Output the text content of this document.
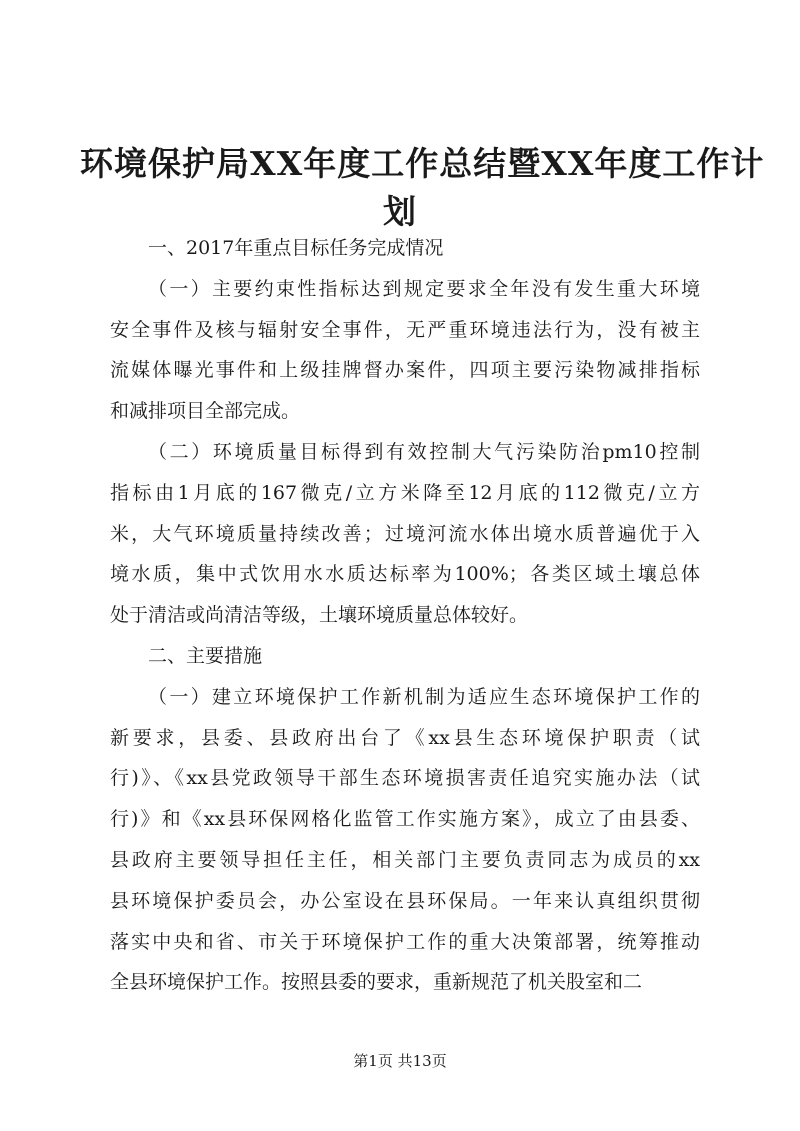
环境保护局XX年度工作总结暨XX年度工作计
划

一、2017年重点目标任务完成情况

（一）主要约束性指标达到规定要求全年没有发生重大环境
安全事件及核与辐射安全事件，无严重环境违法行为，没有被主
流媒体曝光事件和上级挂牌督办案件，四项主要污染物减排指标
和减排项目全部完成。

（二）环境质量目标得到有效控制大气污染防治pm10控制
指标由1月底的167微克/立方米降至12月底的112微克/立方
米，大气环境质量持续改善；过境河流水体出境水质普遍优于入
境水质，集中式饮用水水质达标率为100%；各类区域土壤总体
处于清洁或尚清洁等级，土壤环境质量总体较好。

二、主要措施

（一）建立环境保护工作新机制为适应生态环境保护工作的
新要求，县委、县政府出台了《xx县生态环境保护职责（试
行)》、《xx县党政领导干部生态环境损害责任追究实施办法（试
行)》和《xx县环保网格化监管工作实施方案》，成立了由县委、
县政府主要领导担任主任，相关部门主要负责同志为成员的xx
县环境保护委员会，办公室设在县环保局。一年来认真组织贯彻
落实中央和省、市关于环境保护工作的重大决策部署，统筹推动
全县环境保护工作。按照县委的要求，重新规范了机关股室和二

第1页 共13页
